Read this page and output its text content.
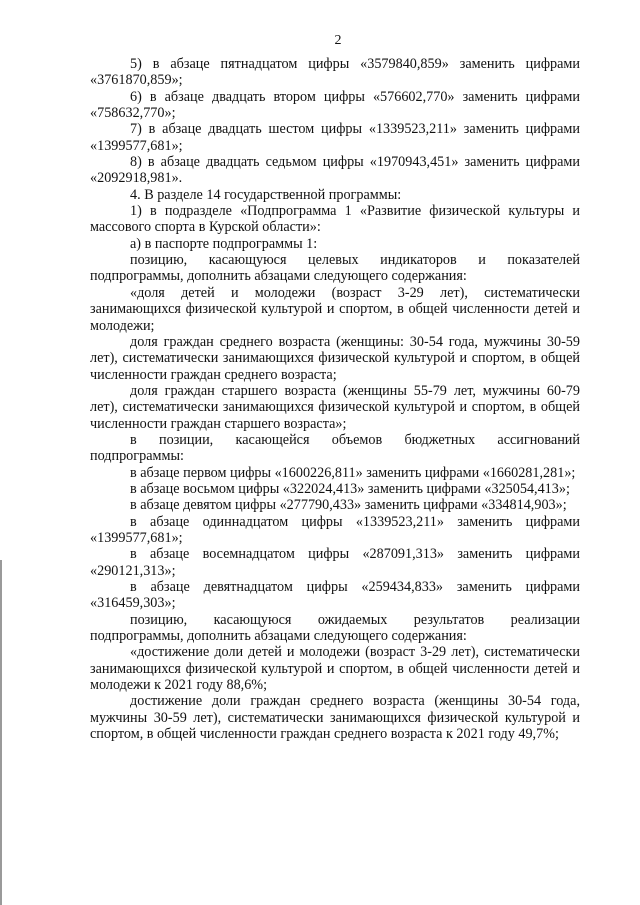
2

5) в абзаце пятнадцатом цифры «3579840,859» заменить цифрами «3761870,859»;

6) в абзаце двадцать втором цифры «576602,770» заменить цифрами «758632,770»;

7) в абзаце двадцать шестом цифры «1339523,211» заменить цифрами «1399577,681»;

8) в абзаце двадцать седьмом цифры «1970943,451» заменить цифрами «2092918,981».

4. В разделе 14 государственной программы:

1) в подразделе «Подпрограмма 1 «Развитие физической культуры и массового спорта в Курской области»:

а) в паспорте подпрограммы 1:

позицию, касающуюся целевых индикаторов и показателей подпрограммы, дополнить абзацами следующего содержания:

«доля детей и молодежи (возраст 3-29 лет), систематически занимающихся физической культурой и спортом, в общей численности детей и молодежи;

доля граждан среднего возраста (женщины: 30-54 года, мужчины 30-59 лет), систематически занимающихся физической культурой и спортом, в общей численности граждан среднего возраста;

доля граждан старшего возраста (женщины 55-79 лет, мужчины 60-79 лет), систематически занимающихся физической культурой и спортом, в общей численности граждан старшего возраста»;

в позиции, касающейся объемов бюджетных ассигнований подпрограммы:

в абзаце первом цифры «1600226,811» заменить цифрами «1660281,281»;

в абзаце восьмом цифры «322024,413» заменить цифрами «325054,413»;

в абзаце девятом цифры «277790,433» заменить цифрами «334814,903»;

в абзаце одиннадцатом цифры «1339523,211» заменить цифрами «1399577,681»;

в абзаце восемнадцатом цифры «287091,313» заменить цифрами «290121,313»;

в абзаце девятнадцатом цифры «259434,833» заменить цифрами «316459,303»;

позицию, касающуюся ожидаемых результатов реализации подпрограммы, дополнить абзацами следующего содержания:

«достижение доли детей и молодежи (возраст 3-29 лет), систематически занимающихся физической культурой и спортом, в общей численности детей и молодежи к 2021 году 88,6%;

достижение доли граждан среднего возраста (женщины 30-54 года, мужчины 30-59 лет), систематически занимающихся физической культурой и спортом, в общей численности граждан среднего возраста к 2021 году 49,7%;
